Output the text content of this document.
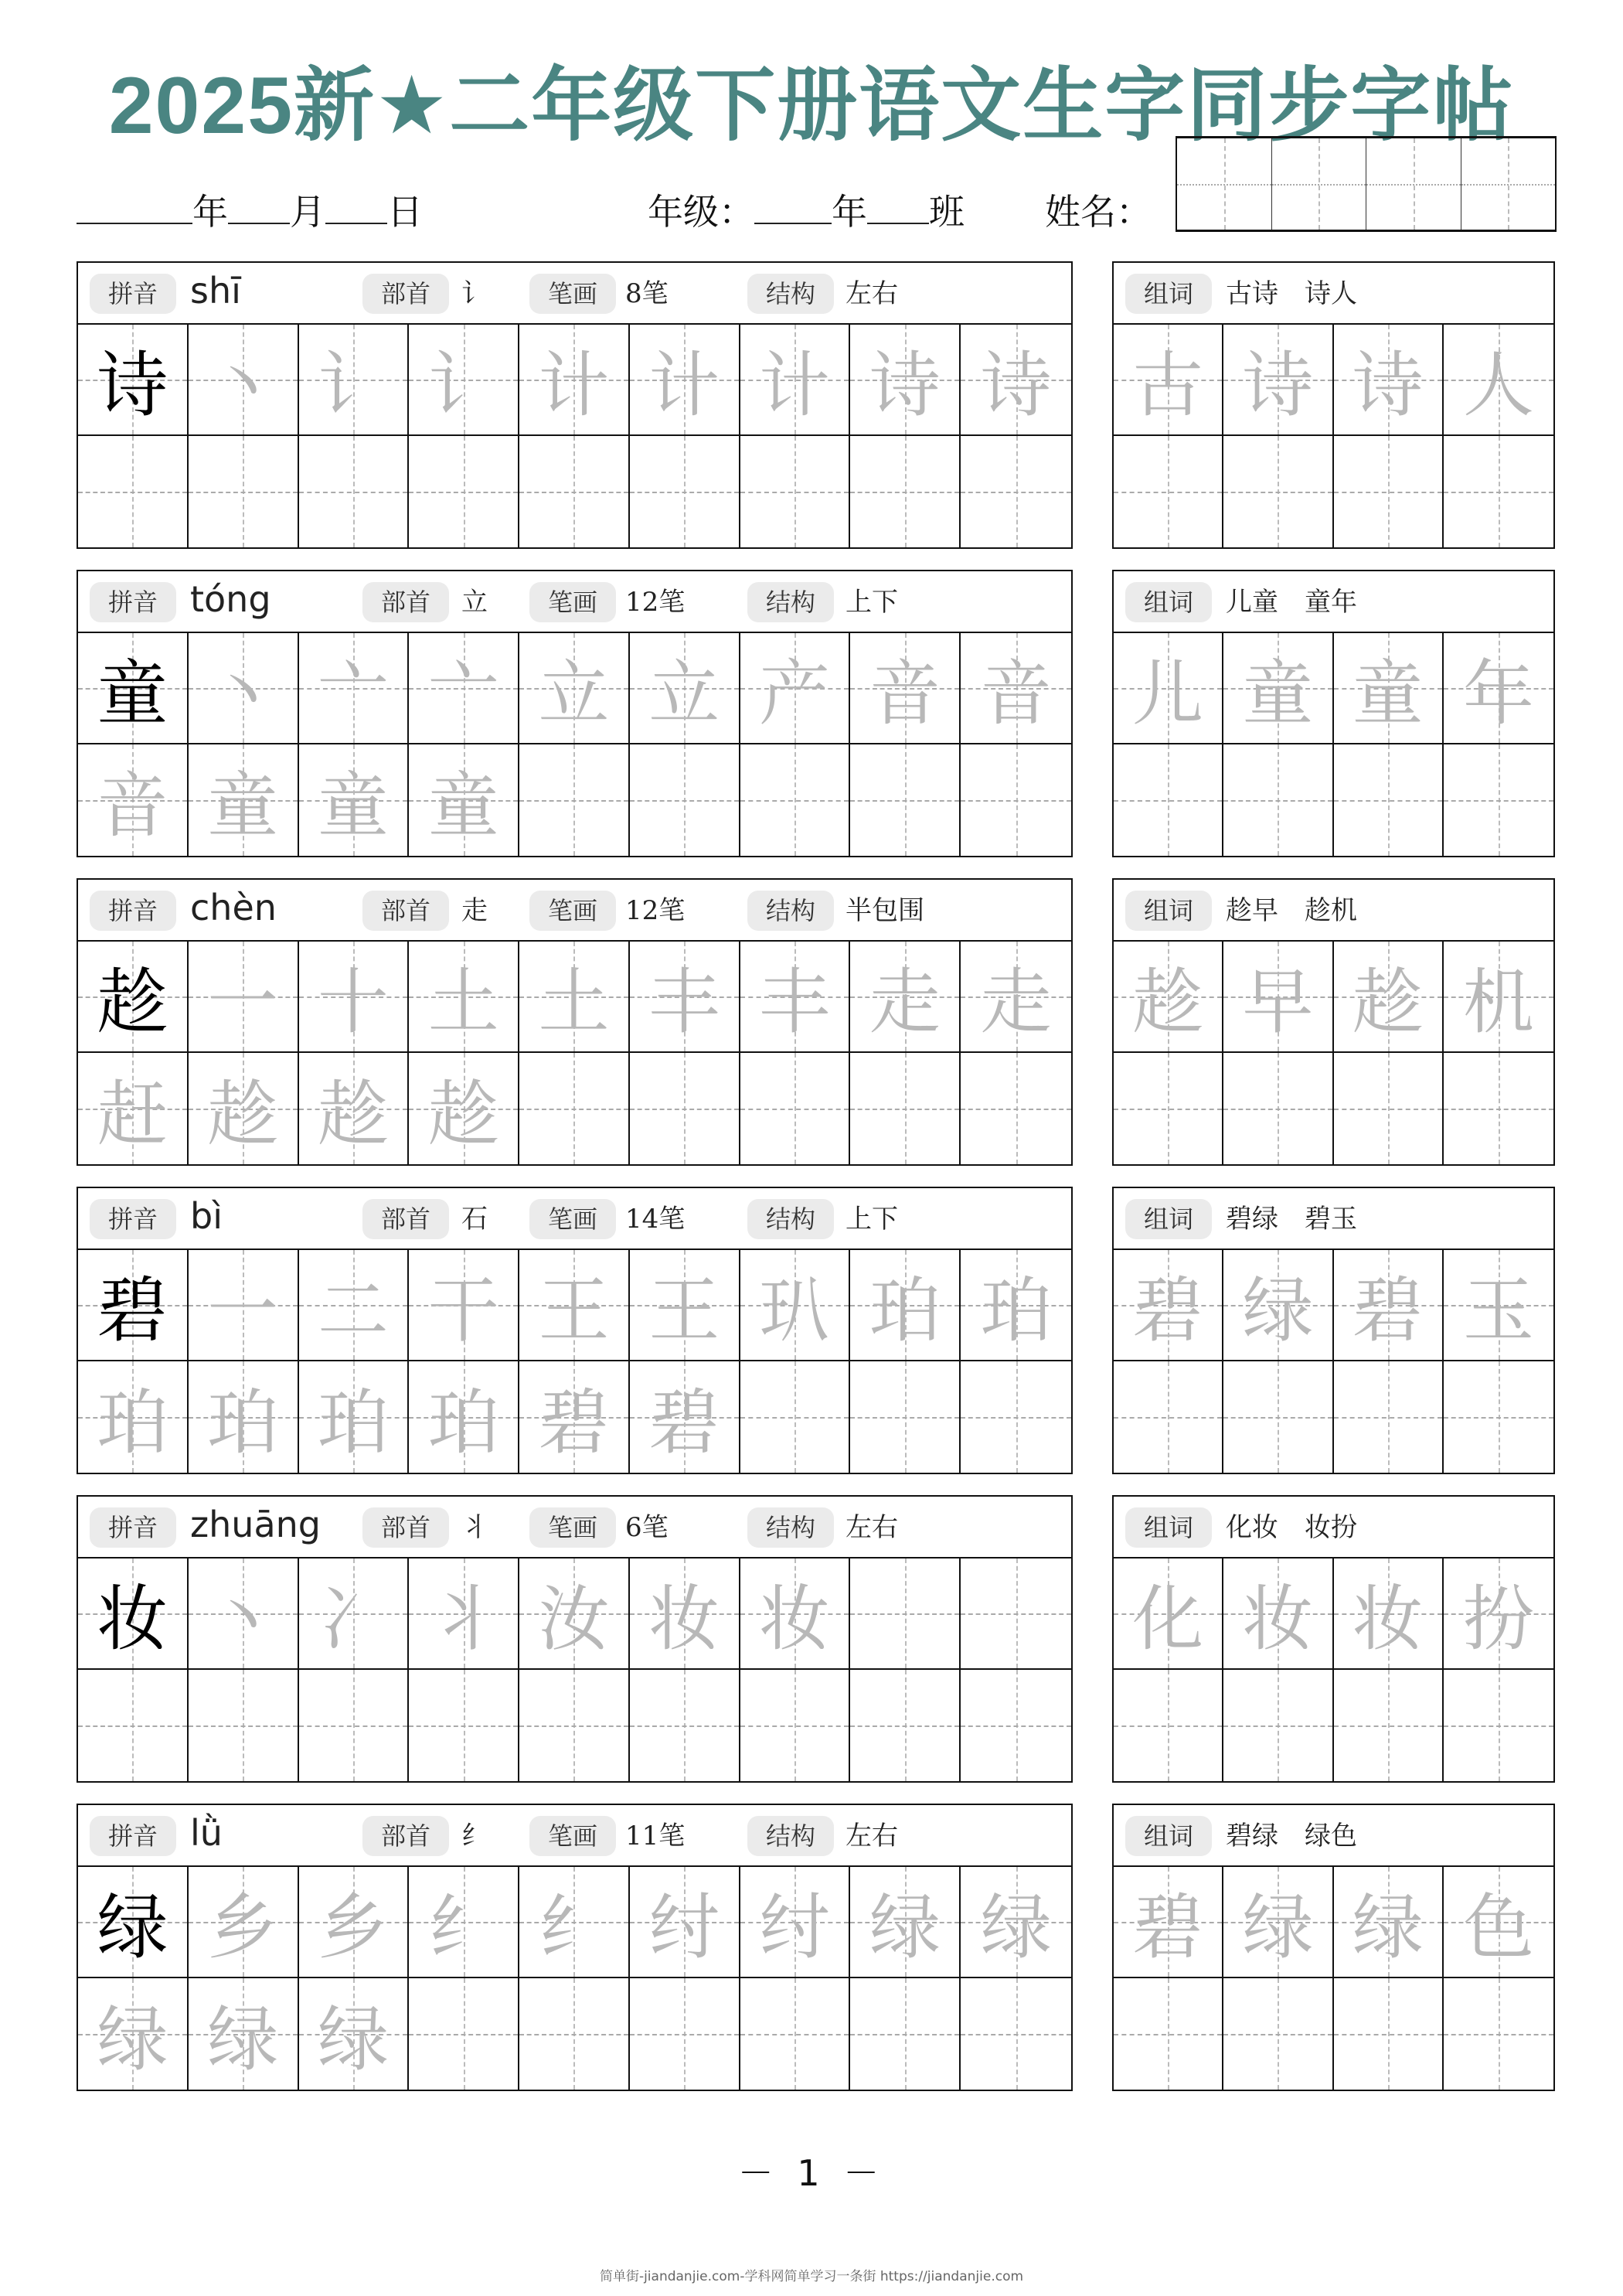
2025新★二年级下册语文生字同步字帖
年 月 日	年级： 年 班 姓名：
拼音 shī	部首	讠	笔画	8笔	结构	左右
诗 丶 讠 讠 计 计 计 诗 诗
组词	古诗　诗人
古 诗 诗 人
拼音 tóng	部首	立	笔画	12笔	结构	上下
童 丶 亠 亠 立 立 产 音 音
音 童 童 童
组词	儿童　童年
儿 童 童 年
拼音 chèn	部首	走	笔画	12笔	结构	半包围
趁 一 十 土 土 丰 丰 走 走
赶 趁 趁 趁
组词	趁早　趁机
趁 早 趁 机
拼音 bì	部首	石	笔画	14笔	结构	上下
碧 一 二 干 王 王 玐 珀 珀
珀 珀 珀 珀 碧 碧
组词	碧绿　碧玉
碧 绿 碧 玉
拼音 zhuāng	部首	丬	笔画	6笔	结构	左右
妆 丶 冫 丬 汝 妆 妆
组词	化妆　妆扮
化 妆 妆 扮
拼音 lǜ	部首	纟	笔画	11笔	结构	左右
绿 乡 乡 纟 纟 纣 纣 绿 绿
绿 绿 绿
组词	碧绿　绿色
碧 绿 绿 色
－ 1 －
简单街-jiandanjie.com-学科网简单学习一条街 https://jiandanjie.com
